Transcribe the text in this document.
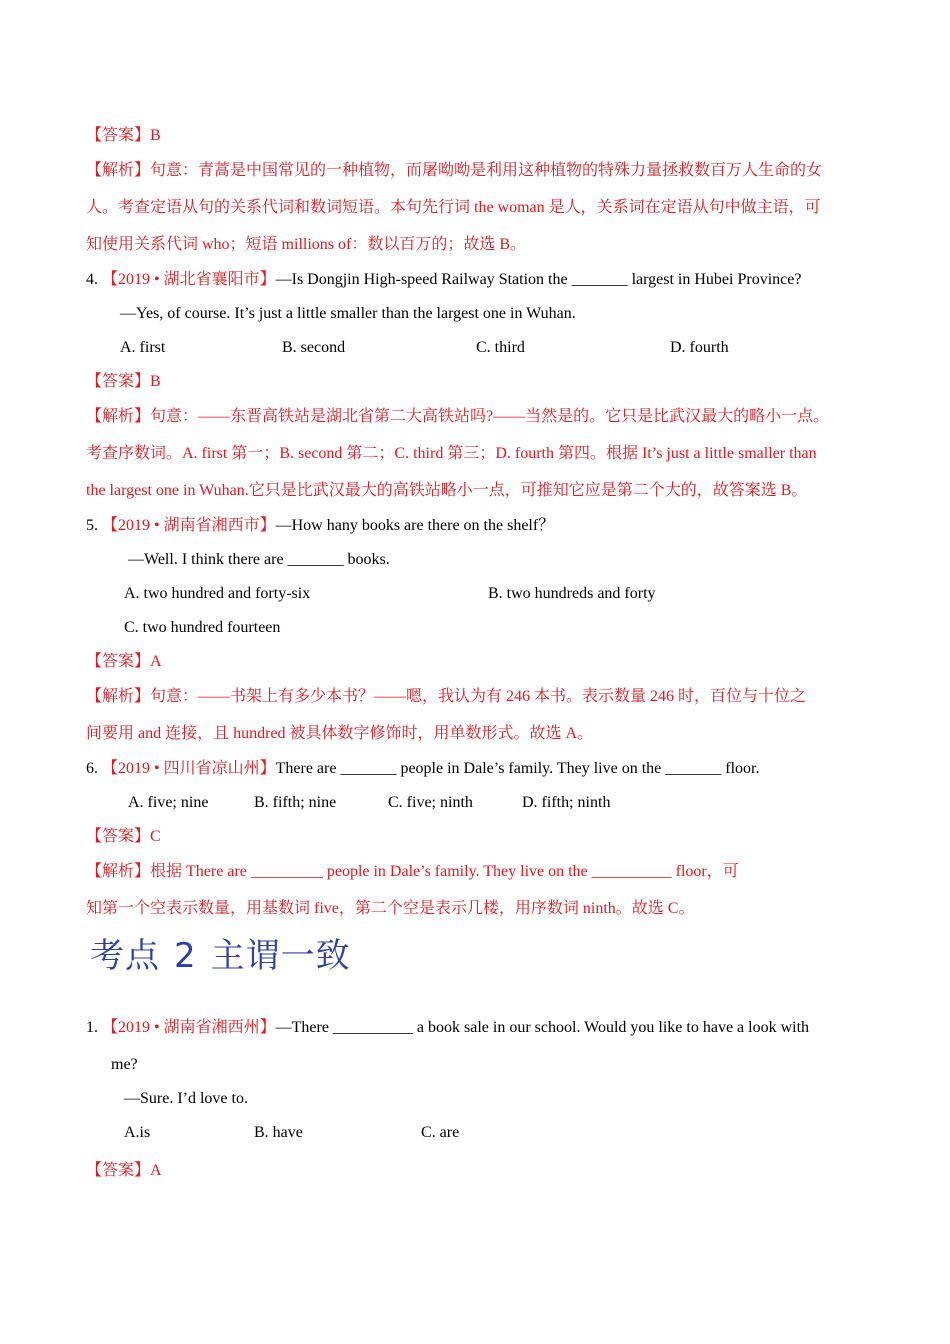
【答案】B
【解析】句意：青蒿是中国常见的一种植物，而屠呦呦是利用这种植物的特殊力量拯救数百万人生命的女
人。考查定语从句的关系代词和数词短语。本句先行词 the woman 是人，关系词在定语从句中做主语，可
知使用关系代词 who；短语 millions of：数以百万的；故选 B。
4. 【2019 • 湖北省襄阳市】—Is Dongjin High-speed Railway Station the _______ largest in Hubei Province?
—Yes, of course. It’s just a little smaller than the largest one in Wuhan.
A. first	B. second	C. third	D. fourth
【答案】B
【解析】句意：——东晋高铁站是湖北省第二大高铁站吗?——当然是的。它只是比武汉最大的略小一点。
考查序数词。A. first 第一；B. second 第二；C. third 第三；D. fourth 第四。根据 It’s just a little smaller than
the largest one in Wuhan.它只是比武汉最大的高铁站略小一点，可推知它应是第二个大的，故答案选 B。
5. 【2019 • 湖南省湘西市】—How hany books are there on the shelf？
—Well. I think there are _______ books.
A. two hundred and forty-six	B. two hundreds and forty
C. two hundred fourteen
【答案】A
【解析】句意：——书架上有多少本书？——嗯，我认为有 246 本书。表示数量 246 时，百位与十位之
间要用 and 连接，且 hundred 被具体数字修饰时，用单数形式。故选 A。
6. 【2019 • 四川省凉山州】There are _______ people in Dale’s family. They live on the _______ floor.
A. five; nine	B. fifth; nine	C. five; ninth	D. fifth; ninth
【答案】C
【解析】根据 There are _________ people in Dale’s family. They live on the __________ floor，可
知第一个空表示数量，用基数词 five，第二个空是表示几楼，用序数词 ninth。故选 C。
考点 2 主谓一致
1. 【2019 • 湖南省湘西州】—There __________ a book sale in our school. Would you like to have a look with
me?
—Sure. I’d love to.
A.is	B. have	C. are
【答案】A
